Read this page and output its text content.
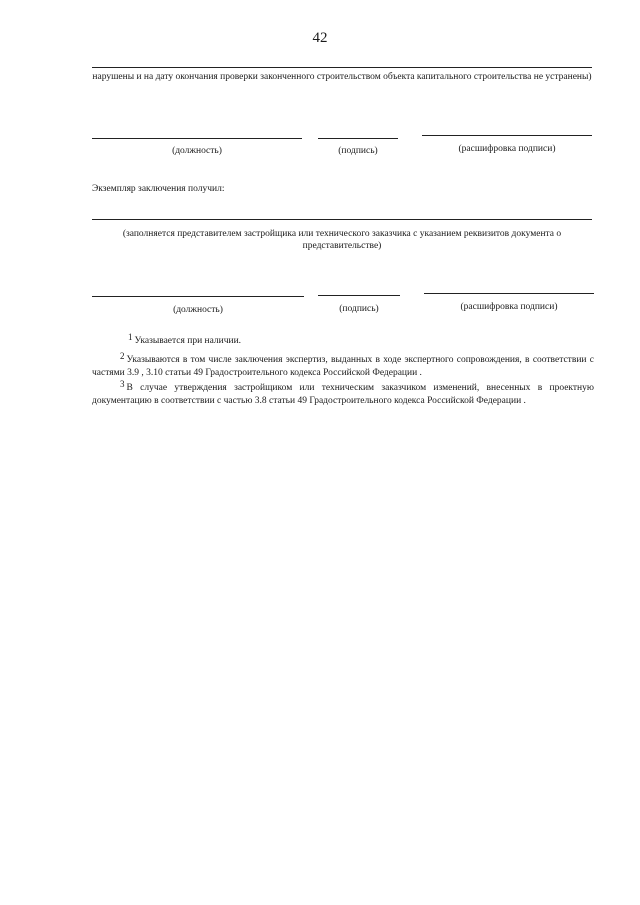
42
нарушены и на дату окончания проверки законченного строительством объекта капитального строительства не устранены)
(должность)	(подпись)	(расшифровка подписи)
Экземпляр заключения получил:
(заполняется представителем застройщика или технического заказчика с указанием реквизитов документа о представительстве)
(должность)	(подпись)	(расшифровка подписи)
$^1$ Указывается при наличии.
$^2$ Указываются в том числе заключения экспертиз, выданных в ходе экспертного сопровождения, в соответствии с частями 3.9 , 3.10 статьи 49 Градостроительного кодекса Российской Федерации .
$^3$ В случае утверждения застройщиком или техническим заказчиком изменений, внесенных в проектную документацию в соответствии с частью 3.8 статьи 49 Градостроительного кодекса Российской Федерации .
